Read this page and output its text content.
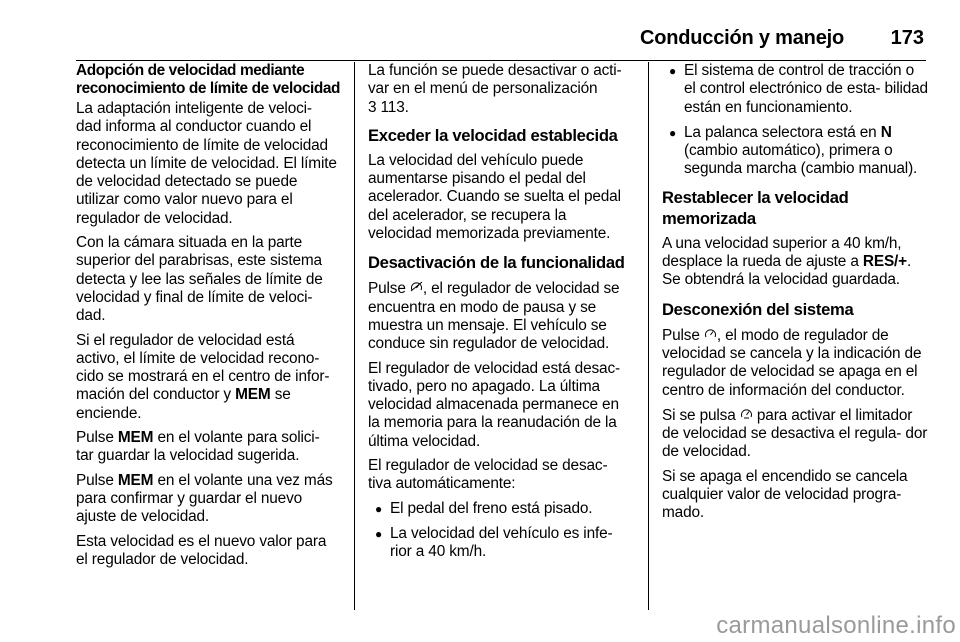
Conducción y manejo 173
Adopción de velocidad mediante reconocimiento de límite de velocidad

La adaptación inteligente de veloci- dad informa al conductor cuando el reconocimiento de límite de velocidad detecta un límite de velocidad. El límite de velocidad detectado se puede utilizar como valor nuevo para el regulador de velocidad.

Con la cámara situada en la parte superior del parabrisas, este sistema detecta y lee las señales de límite de velocidad y final de límite de veloci- dad.

Si el regulador de velocidad está activo, el límite de velocidad recono- cido se mostrará en el centro de infor- mación del conductor y MEM se enciende.

Pulse MEM en el volante para solici- tar guardar la velocidad sugerida.

Pulse MEM en el volante una vez más para confirmar y guardar el nuevo ajuste de velocidad.

Esta velocidad es el nuevo valor para el regulador de velocidad.

La función se puede desactivar o acti- var en el menú de personalización
3 113.

Exceder la velocidad establecida

La velocidad del vehículo puede aumentarse pisando el pedal del acelerador. Cuando se suelta el pedal del acelerador, se recupera la velocidad memorizada previamente.

Desactivación de la funcionalidad

Pulse , el regulador de velocidad se encuentra en modo de pausa y se muestra un mensaje. El vehículo se conduce sin regulador de velocidad.

El regulador de velocidad está desac- tivado, pero no apagado. La última velocidad almacenada permanece en la memoria para la reanudación de la última velocidad.

El regulador de velocidad se desac- tiva automáticamente:

● El pedal del freno está pisado.
● La velocidad del vehículo es infe- rior a 40 km/h.
● El sistema de control de tracción o el control electrónico de esta- bilidad están en funcionamiento.
● La palanca selectora está en N (cambio automático), primera o segunda marcha (cambio manual).
Restablecer la velocidad memorizada

A una velocidad superior a 40 km/h, desplace la rueda de ajuste a RES/+. Se obtendrá la velocidad guardada.

Desconexión del sistema

Pulse , el modo de regulador de velocidad se cancela y la indicación de regulador de velocidad se apaga en el centro de información del conductor.

Si se pulsa  para activar el limitador de velocidad se desactiva el regula- dor de velocidad.

Si se apaga el encendido se cancela cualquier valor de velocidad progra- mado.

carmanualsonline.info
